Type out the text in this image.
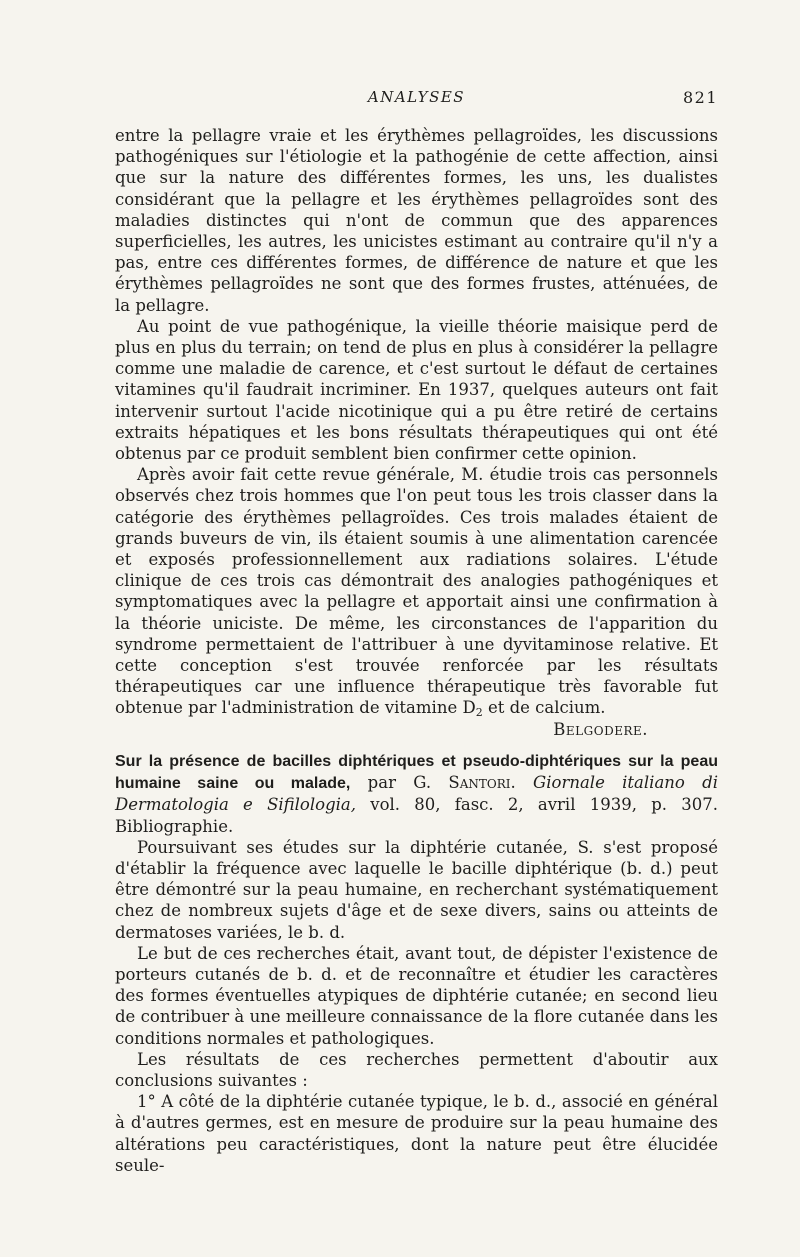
ANALYSES	821

entre la pellagre vraie et les érythèmes pellagroïdes, les discussions pathogéniques sur l'étiologie et la pathogénie de cette affection, ainsi que sur la nature des différentes formes, les uns, les dualistes considérant que la pellagre et les érythèmes pellagroïdes sont des maladies distinctes qui n'ont de commun que des apparences superficielles, les autres, les unicistes estimant au contraire qu'il n'y a pas, entre ces différentes formes, de différence de nature et que les érythèmes pellagroïdes ne sont que des formes frustes, atténuées, de la pellagre.

Au point de vue pathogénique, la vieille théorie maisique perd de plus en plus du terrain; on tend de plus en plus à considérer la pellagre comme une maladie de carence, et c'est surtout le défaut de certaines vitamines qu'il faudrait incriminer. En 1937, quelques auteurs ont fait intervenir surtout l'acide nicotinique qui a pu être retiré de certains extraits hépatiques et les bons résultats thérapeutiques qui ont été obtenus par ce produit semblent bien confirmer cette opinion.

Après avoir fait cette revue générale, M. étudie trois cas personnels observés chez trois hommes que l'on peut tous les trois classer dans la catégorie des érythèmes pellagroïdes. Ces trois malades étaient de grands buveurs de vin, ils étaient soumis à une alimentation carencée et exposés professionnellement aux radiations solaires. L'étude clinique de ces trois cas démontrait des analogies pathogéniques et symptomatiques avec la pellagre et apportait ainsi une confirmation à la théorie uniciste. De même, les circonstances de l'apparition du syndrome permettaient de l'attribuer à une dyvitaminose relative. Et cette conception s'est trouvée renforcée par les résultats thérapeutiques car une influence thérapeutique très favorable fut obtenue par l'administration de vitamine $D_2$ et de calcium.

Belgodere.

Sur la présence de bacilles diphtériques et pseudo-diphtériques sur la peau humaine saine ou malade, par G. Santori. Giornale italiano di Dermatologia e Sifilologia, vol. 80, fasc. 2, avril 1939, p. 307. Bibliographie.

Poursuivant ses études sur la diphtérie cutanée, S. s'est proposé d'établir la fréquence avec laquelle le bacille diphtérique (b. d.) peut être démontré sur la peau humaine, en recherchant systématiquement chez de nombreux sujets d'âge et de sexe divers, sains ou atteints de dermatoses variées, le b. d.

Le but de ces recherches était, avant tout, de dépister l'existence de porteurs cutanés de b. d. et de reconnaître et étudier les caractères des formes éventuelles atypiques de diphtérie cutanée; en second lieu de contribuer à une meilleure connaissance de la flore cutanée dans les conditions normales et pathologiques.

Les résultats de ces recherches permettent d'aboutir aux conclusions suivantes :

1° A côté de la diphtérie cutanée typique, le b. d., associé en général à d'autres germes, est en mesure de produire sur la peau humaine des altérations peu caractéristiques, dont la nature peut être élucidée seule-
